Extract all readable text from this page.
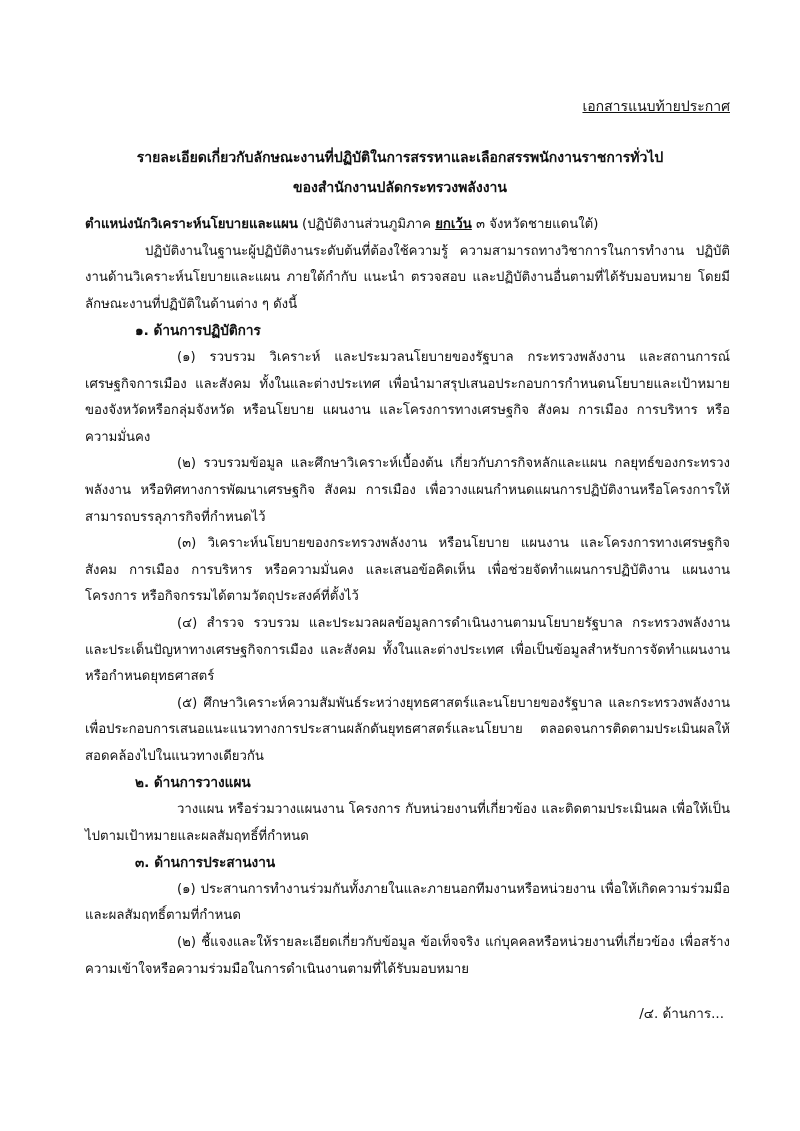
เอกสารแนบท้ายประกาศ
รายละเอียดเกี่ยวกับลักษณะงานที่ปฏิบัติในการสรรหาและเลือกสรรพนักงานราชการทั่วไป
ของสำนักงานปลัดกระทรวงพลังงาน

ตำแหน่งนักวิเคราะห์นโยบายและแผน (ปฏิบัติงานส่วนภูมิภาค ยกเว้น ๓ จังหวัดชายแดนใต้)

ปฏิบัติงานในฐานะผู้ปฏิบัติงานระดับต้นที่ต้องใช้ความรู้ ความสามารถทางวิชาการในการทำงาน ปฏิบัติงานด้านวิเคราะห์นโยบายและแผน ภายใต้กำกับ แนะนำ ตรวจสอบ และปฏิบัติงานอื่นตามที่ได้รับมอบหมาย โดยมีลักษณะงานที่ปฏิบัติในด้านต่าง ๆ ดังนี้

๑. ด้านการปฏิบัติการ

(๑) รวบรวม วิเคราะห์ และประมวลนโยบายของรัฐบาล กระทรวงพลังงาน และสถานการณ์เศรษฐกิจการเมือง และสังคม ทั้งในและต่างประเทศ เพื่อนำมาสรุปเสนอประกอบการกำหนดนโยบายและเป้าหมายของจังหวัดหรือกลุ่มจังหวัด หรือนโยบาย แผนงาน และโครงการทางเศรษฐกิจ สังคม การเมือง การบริหาร หรือความมั่นคง

(๒) รวบรวมข้อมูล และศึกษาวิเคราะห์เบื้องต้น เกี่ยวกับภารกิจหลักและแผน กลยุทธ์ของกระทรวงพลังงาน หรือทิศทางการพัฒนาเศรษฐกิจ สังคม การเมือง เพื่อวางแผนกำหนดแผนการปฏิบัติงานหรือโครงการให้สามารถบรรลุภารกิจที่กำหนดไว้

(๓) วิเคราะห์นโยบายของกระทรวงพลังงาน หรือนโยบาย แผนงาน และโครงการทางเศรษฐกิจ สังคม การเมือง การบริหาร หรือความมั่นคง และเสนอข้อคิดเห็น เพื่อช่วยจัดทำแผนการปฏิบัติงาน แผนงาน โครงการ หรือกิจกรรมได้ตามวัตถุประสงค์ที่ตั้งไว้

(๔) สำรวจ รวบรวม และประมวลผลข้อมูลการดำเนินงานตามนโยบายรัฐบาล กระทรวงพลังงาน และประเด็นปัญหาทางเศรษฐกิจการเมือง และสังคม ทั้งในและต่างประเทศ เพื่อเป็นข้อมูลสำหรับการจัดทำแผนงาน หรือกำหนดยุทธศาสตร์

(๕) ศึกษาวิเคราะห์ความสัมพันธ์ระหว่างยุทธศาสตร์และนโยบายของรัฐบาล และกระทรวงพลังงาน เพื่อประกอบการเสนอแนะแนวทางการประสานผลักดันยุทธศาสตร์และนโยบาย ตลอดจนการติดตามประเมินผลให้สอดคล้องไปในแนวทางเดียวกัน

๒. ด้านการวางแผน

วางแผน หรือร่วมวางแผนงาน โครงการ กับหน่วยงานที่เกี่ยวข้อง และติดตามประเมินผล เพื่อให้เป็นไปตามเป้าหมายและผลสัมฤทธิ์ที่กำหนด

๓. ด้านการประสานงาน

(๑) ประสานการทำงานร่วมกันทั้งภายในและภายนอกทีมงานหรือหน่วยงาน เพื่อให้เกิดความร่วมมือและผลสัมฤทธิ์ตามที่กำหนด

(๒) ชี้แจงและให้รายละเอียดเกี่ยวกับข้อมูล ข้อเท็จจริง แก่บุคคลหรือหน่วยงานที่เกี่ยวข้อง เพื่อสร้างความเข้าใจหรือความร่วมมือในการดำเนินงานตามที่ได้รับมอบหมาย

/๔. ด้านการ...
